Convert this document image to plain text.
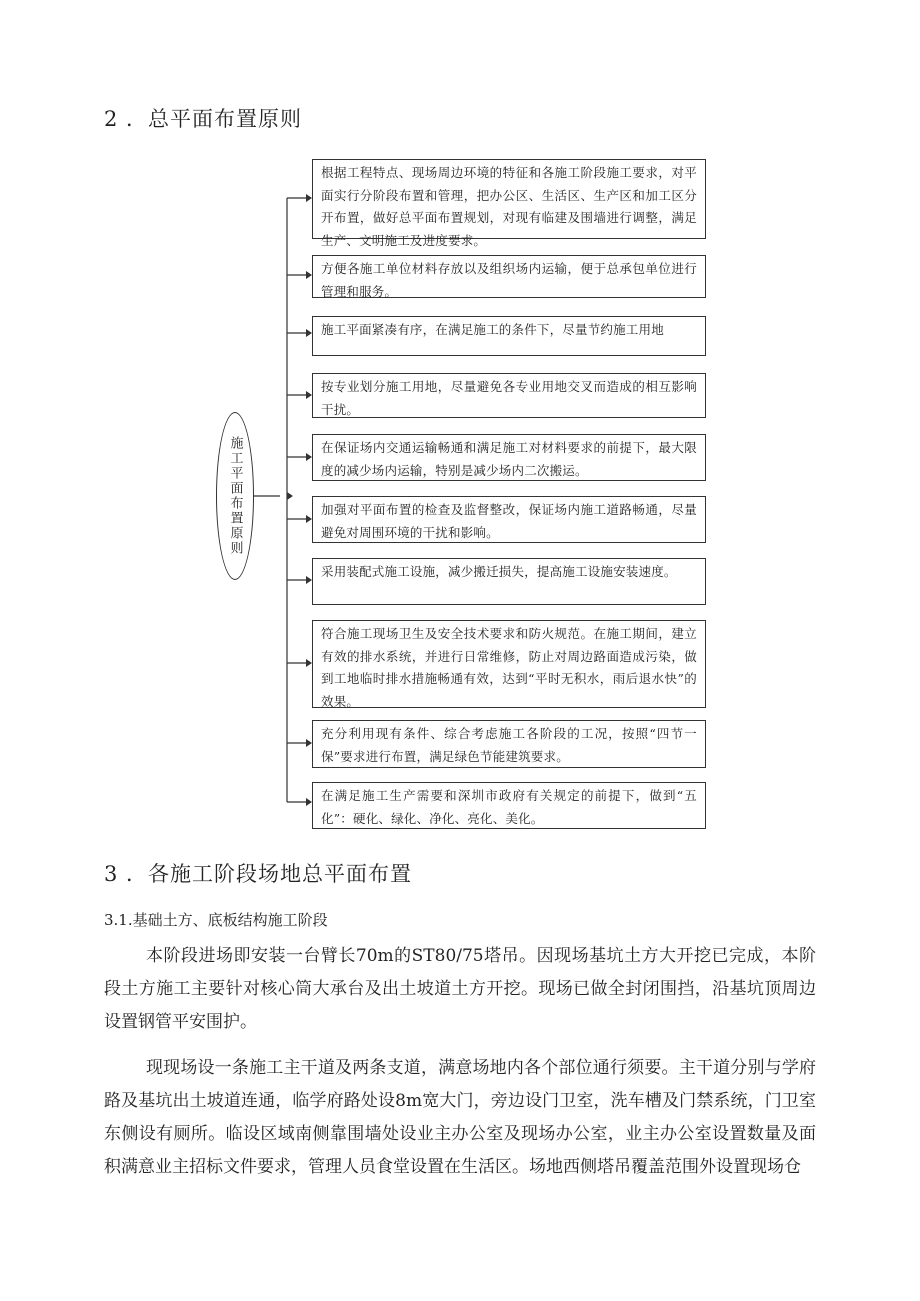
2 ．总平面布置原则
施工平面布置原则
根据工程特点、现场周边环境的特征和各施工阶段施工要求，对平面实行分阶段布置和管理，把办公区、生活区、生产区和加工区分开布置，做好总平面布置规划，对现有临建及围墙进行调整，满足生产、文明施工及进度要求。
方便各施工单位材料存放以及组织场内运输，便于总承包单位进行管理和服务。
施工平面紧凑有序，在满足施工的条件下，尽量节约施工用地
按专业划分施工用地，尽量避免各专业用地交叉而造成的相互影响干扰。
在保证场内交通运输畅通和满足施工对材料要求的前提下，最大限度的减少场内运输，特别是减少场内二次搬运。
加强对平面布置的检查及监督整改，保证场内施工道路畅通，尽量避免对周围环境的干扰和影响。
采用装配式施工设施，减少搬迁损失，提高施工设施安装速度。
符合施工现场卫生及安全技术要求和防火规范。在施工期间，建立有效的排水系统，并进行日常维修，防止对周边路面造成污染，做到工地临时排水措施畅通有效，达到“平时无积水，雨后退水快”的效果。
充分利用现有条件、综合考虑施工各阶段的工况，按照“四节一保”要求进行布置，满足绿色节能建筑要求。
在满足施工生产需要和深圳市政府有关规定的前提下，做到“五化”：硬化、绿化、净化、亮化、美化。
3 ．各施工阶段场地总平面布置
3.1.基础土方、底板结构施工阶段

本阶段进场即安装一台臂长70m的ST80/75塔吊。因现场基坑土方大开挖已完成，本阶段土方施工主要针对核心筒大承台及出土坡道土方开挖。现场已做全封闭围挡，沿基坑顶周边设置钢管平安围护。

现现场设一条施工主干道及两条支道，满意场地内各个部位通行须要。主干道分别与学府路及基坑出土坡道连通，临学府路处设8m宽大门，旁边设门卫室，洗车槽及门禁系统，门卫室东侧设有厕所。临设区域南侧靠围墙处设业主办公室及现场办公室，业主办公室设置数量及面积满意业主招标文件要求，管理人员食堂设置在生活区。场地西侧塔吊覆盖范围外设置现场仓
